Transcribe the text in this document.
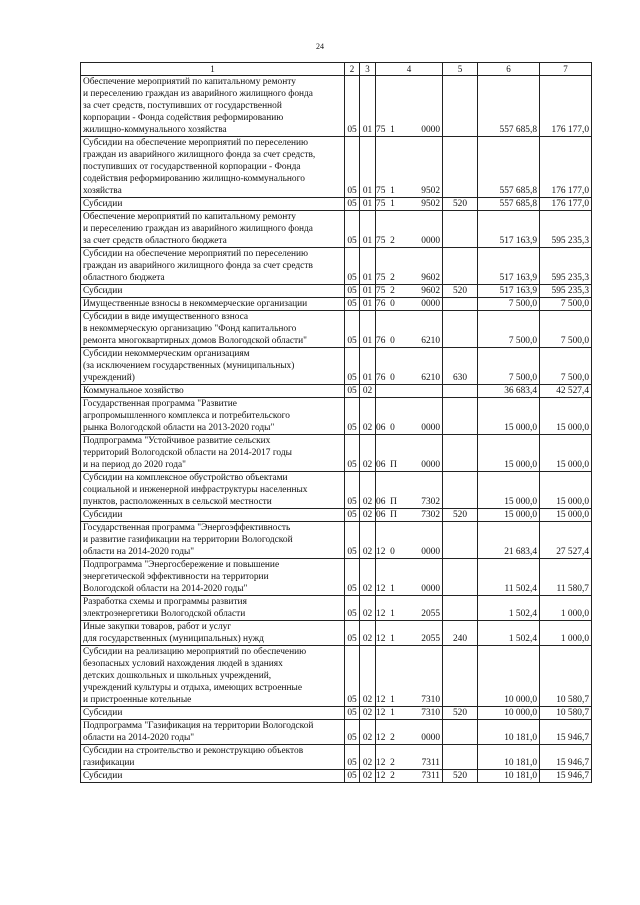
24
1	2	3	4		5	6	7
Обеспечение мероприятий по капитальному ремонту
и переселению граждан из аварийного жилищного фонда
за счет средств, поступивших от государственной
корпорации - Фонда содействия реформированию
жилищно-коммунального хозяйства	05	01	75  1	0000		557 685,8	176 177,0
Субсидии на обеспечение мероприятий по переселению
граждан из аварийного жилищного фонда за счет средств,
поступивших от государственной корпорации - Фонда
содействия реформированию жилищно-коммунального
хозяйства	05	01	75  1	9502		557 685,8	176 177,0
Субсидии	05	01	75  1	9502	520	557 685,8	176 177,0
Обеспечение мероприятий по капитальному ремонту
и переселению граждан из аварийного жилищного фонда
за счет средств областного бюджета	05	01	75  2	0000		517 163,9	595 235,3
Субсидии на обеспечение мероприятий по переселению
граждан из аварийного жилищного фонда за счет средств
областного бюджета	05	01	75  2	9602		517 163,9	595 235,3
Субсидии	05	01	75  2	9602	520	517 163,9	595 235,3
Имущественные взносы в некоммерческие организации	05	01	76  0	0000		7 500,0	7 500,0
Субсидии в виде имущественного взноса
в некоммерческую организацию "Фонд капитального
ремонта многоквартирных домов Вологодской области"	05	01	76  0	6210		7 500,0	7 500,0
Субсидии некоммерческим организациям
(за исключением государственных (муниципальных)
учреждений)	05	01	76  0	6210	630	7 500,0	7 500,0
Коммунальное хозяйство	05	02				36 683,4	42 527,4
Государственная программа "Развитие
агропромышленного комплекса и потребительского
рынка Вологодской области на 2013-2020 годы"	05	02	06  0	0000		15 000,0	15 000,0
Подпрограмма "Устойчивое развитие сельских
территорий Вологодской области на 2014-2017 годы
и на период до 2020 года"	05	02	06  П	0000		15 000,0	15 000,0
Субсидии на комплексное обустройство объектами
социальной и инженерной инфраструктуры населенных
пунктов, расположенных в сельской местности	05	02	06  П	7302		15 000,0	15 000,0
Субсидии	05	02	06  П	7302	520	15 000,0	15 000,0
Государственная программа "Энергоэффективность
и развитие газификации на территории Вологодской
области на 2014-2020 годы"	05	02	12  0	0000		21 683,4	27 527,4
Подпрограмма "Энергосбережение и повышение
энергетической эффективности на территории
Вологодской области на 2014-2020 годы"	05	02	12  1	0000		11 502,4	11 580,7
Разработка схемы и программы развития
электроэнергетики Вологодской области	05	02	12  1	2055		1 502,4	1 000,0
Иные закупки товаров, работ и услуг
для государственных (муниципальных) нужд	05	02	12  1	2055	240	1 502,4	1 000,0
Субсидии на реализацию мероприятий по обеспечению
безопасных условий нахождения людей в зданиях
детских дошкольных и школьных учреждений,
учреждений культуры и отдыха, имеющих встроенные
и пристроенные котельные	05	02	12  1	7310		10 000,0	10 580,7
Субсидии	05	02	12  1	7310	520	10 000,0	10 580,7
Подпрограмма "Газификация на территории Вологодской
области на 2014-2020 годы"	05	02	12  2	0000		10 181,0	15 946,7
Субсидии на строительство и реконструкцию объектов
газификации	05	02	12  2	7311		10 181,0	15 946,7
Субсидии	05	02	12  2	7311	520	10 181,0	15 946,7
